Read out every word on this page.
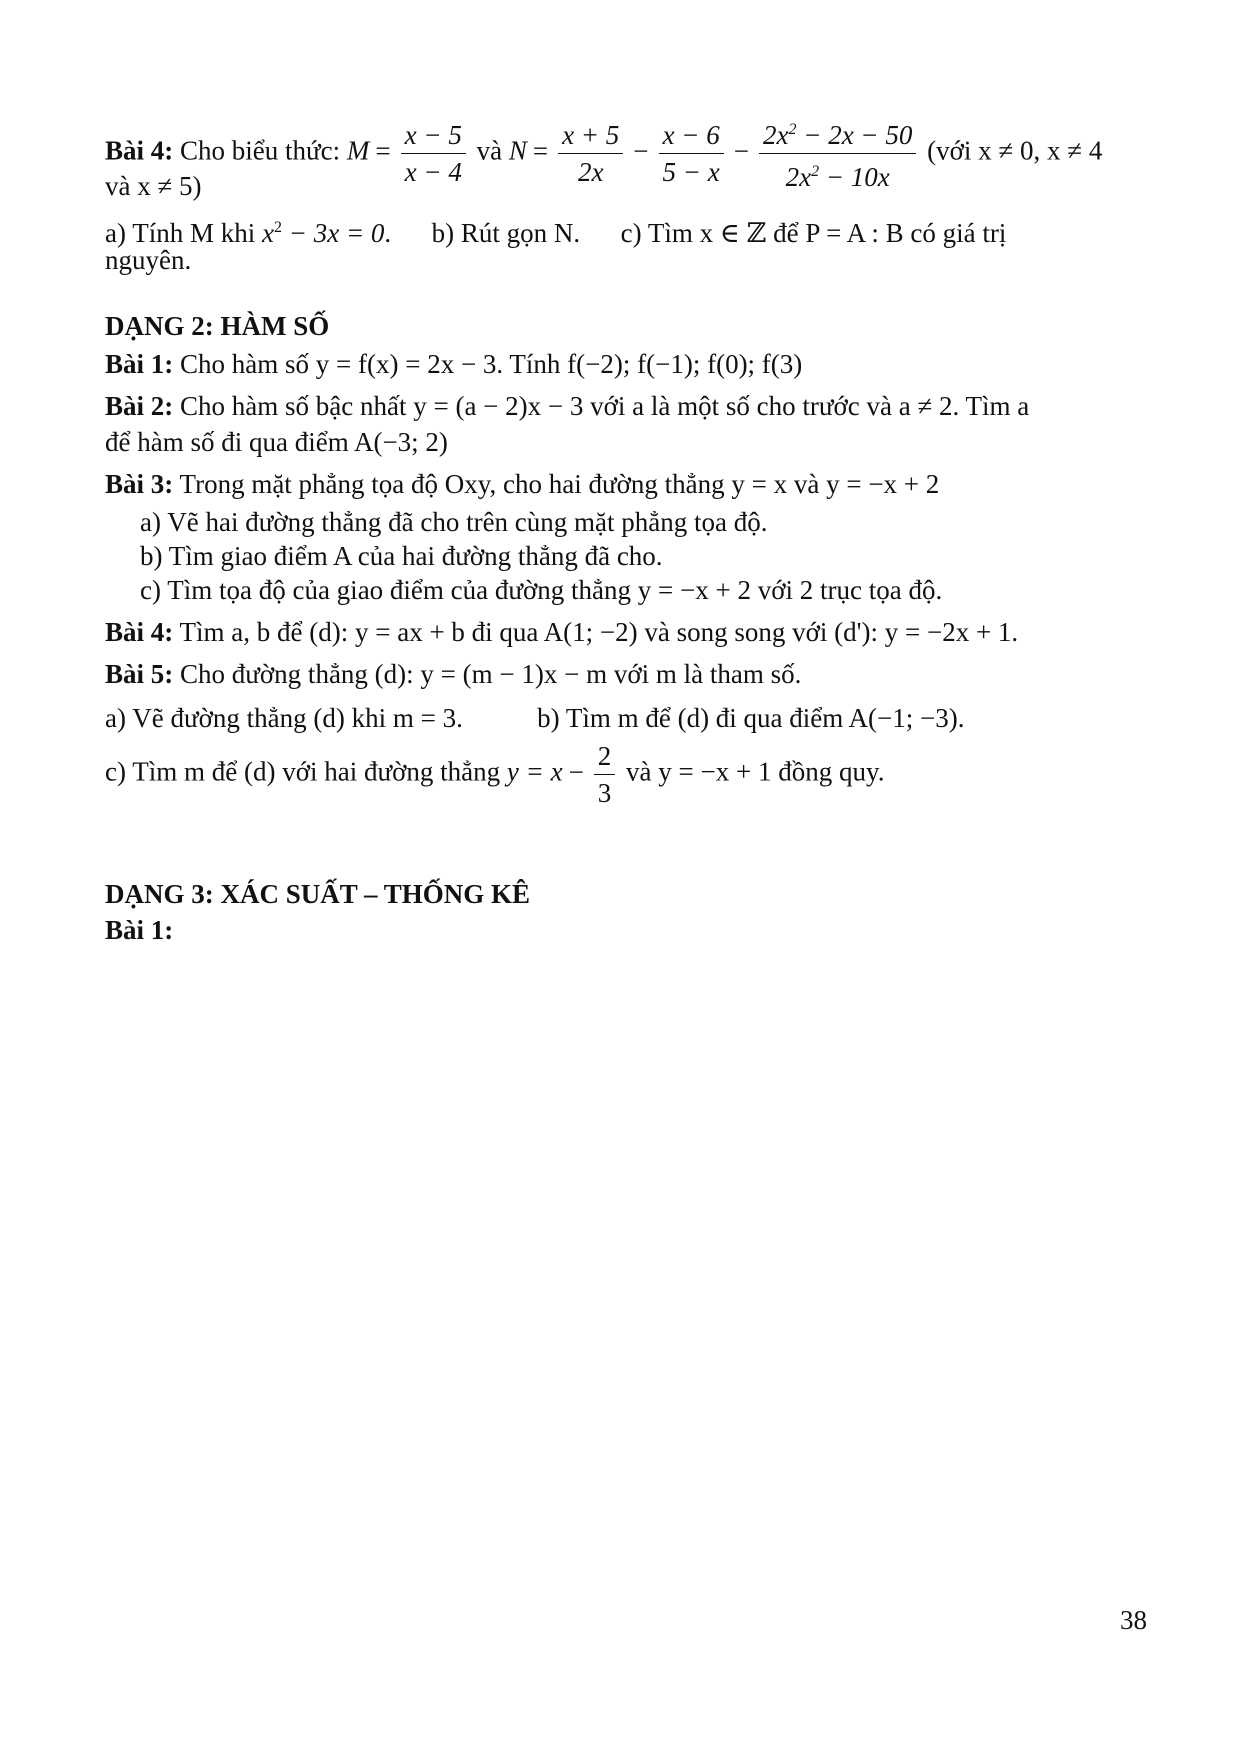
Bài 4: Cho biểu thức: $M = \frac{x - 5}{x - 4}$ và $N = \frac{x + 5}{2x} - \frac{x - 6}{5 - x} - \frac{2x^2 - 2x - 50}{2x^2 - 10x}$ (với x ≠ 0, x ≠ 4
và x ≠ 5)
a) Tính M khi $x^2 - 3x = 0$.      b) Rút gọn N. c) Tìm x ∈ ℤ để P = A : B có giá trị
nguyên.
DẠNG 2: HÀM SỐ
Bài 1: Cho hàm số y = f(x) = 2x − 3. Tính f(−2); f(−1); f(0); f(3)
Bài 2: Cho hàm số bậc nhất y = (a − 2)x − 3 với a là một số cho trước và a ≠ 2. Tìm a
để hàm số đi qua điểm A(−3; 2)
Bài 3: Trong mặt phẳng tọa độ Oxy, cho hai đường thẳng y = x và y = −x + 2
a) Vẽ hai đường thẳng đã cho trên cùng mặt phẳng tọa độ.
b) Tìm giao điểm A của hai đường thẳng đã cho.
c) Tìm tọa độ của giao điểm của đường thẳng y = −x + 2 với 2 trục tọa độ.
Bài 4: Tìm a, b để (d): y = ax + b đi qua A(1; −2) và song song với (d'): y = −2x + 1.
Bài 5: Cho đường thẳng (d): y = (m − 1)x − m với m là tham số.
a) Vẽ đường thẳng (d) khi m = 3.	b) Tìm m để (d) đi qua điểm A(−1; −3).
c) Tìm m để (d) với hai đường thẳng $y = x - \frac{2}{3}$ và y = −x + 1 đồng quy.
DẠNG 3: XÁC SUẤT – THỐNG KÊ
Bài 1:
38
